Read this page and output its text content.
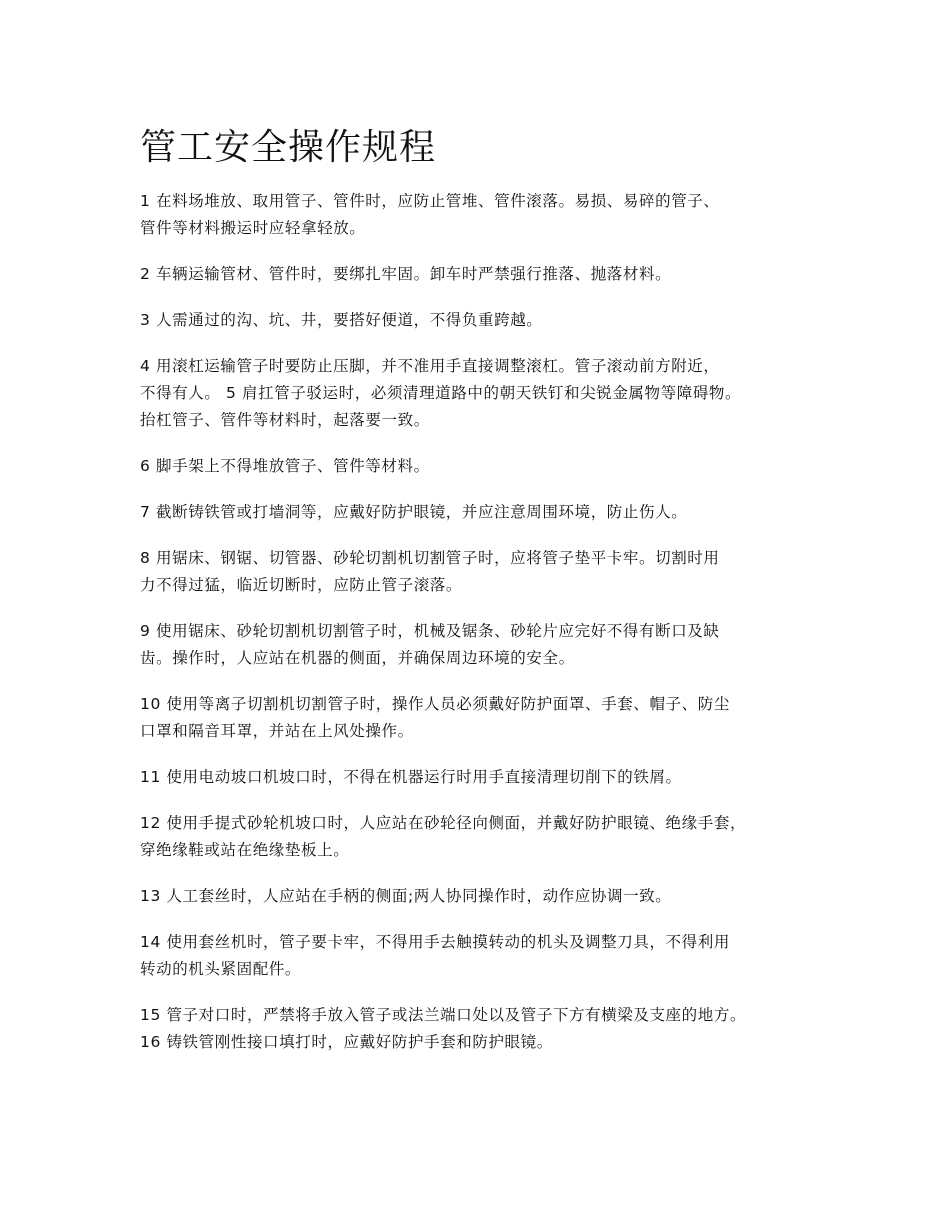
管工安全操作规程

1 在料场堆放、取用管子、管件时，应防止管堆、管件滚落。易损、易碎的管子、
管件等材料搬运时应轻拿轻放。

2 车辆运输管材、管件时，要绑扎牢固。卸车时严禁强行推落、抛落材料。

3 人需通过的沟、坑、井，要搭好便道，不得负重跨越。

4 用滚杠运输管子时要防止压脚，并不准用手直接调整滚杠。管子滚动前方附近，
不得有人。 5 肩扛管子驳运时，必须清理道路中的朝天铁钉和尖锐金属物等障碍物。
抬杠管子、管件等材料时，起落要一致。

6 脚手架上不得堆放管子、管件等材料。

7 截断铸铁管或打墙洞等，应戴好防护眼镜，并应注意周围环境，防止伤人。

8 用锯床、钢锯、切管器、砂轮切割机切割管子时，应将管子垫平卡牢。切割时用
力不得过猛，临近切断时，应防止管子滚落。

9 使用锯床、砂轮切割机切割管子时，机械及锯条、砂轮片应完好不得有断口及缺
齿。操作时，人应站在机器的侧面，并确保周边环境的安全。

10 使用等离子切割机切割管子时，操作人员必须戴好防护面罩、手套、帽子、防尘
口罩和隔音耳罩，并站在上风处操作。

11 使用电动坡口机坡口时，不得在机器运行时用手直接清理切削下的铁屑。

12 使用手提式砂轮机坡口时，人应站在砂轮径向侧面，并戴好防护眼镜、绝缘手套，
穿绝缘鞋或站在绝缘垫板上。

13 人工套丝时，人应站在手柄的侧面;两人协同操作时，动作应协调一致。

14 使用套丝机时，管子要卡牢，不得用手去触摸转动的机头及调整刀具，不得利用
转动的机头紧固配件。

15 管子对口时，严禁将手放入管子或法兰端口处以及管子下方有横梁及支座的地方。
16 铸铁管刚性接口填打时，应戴好防护手套和防护眼镜。
